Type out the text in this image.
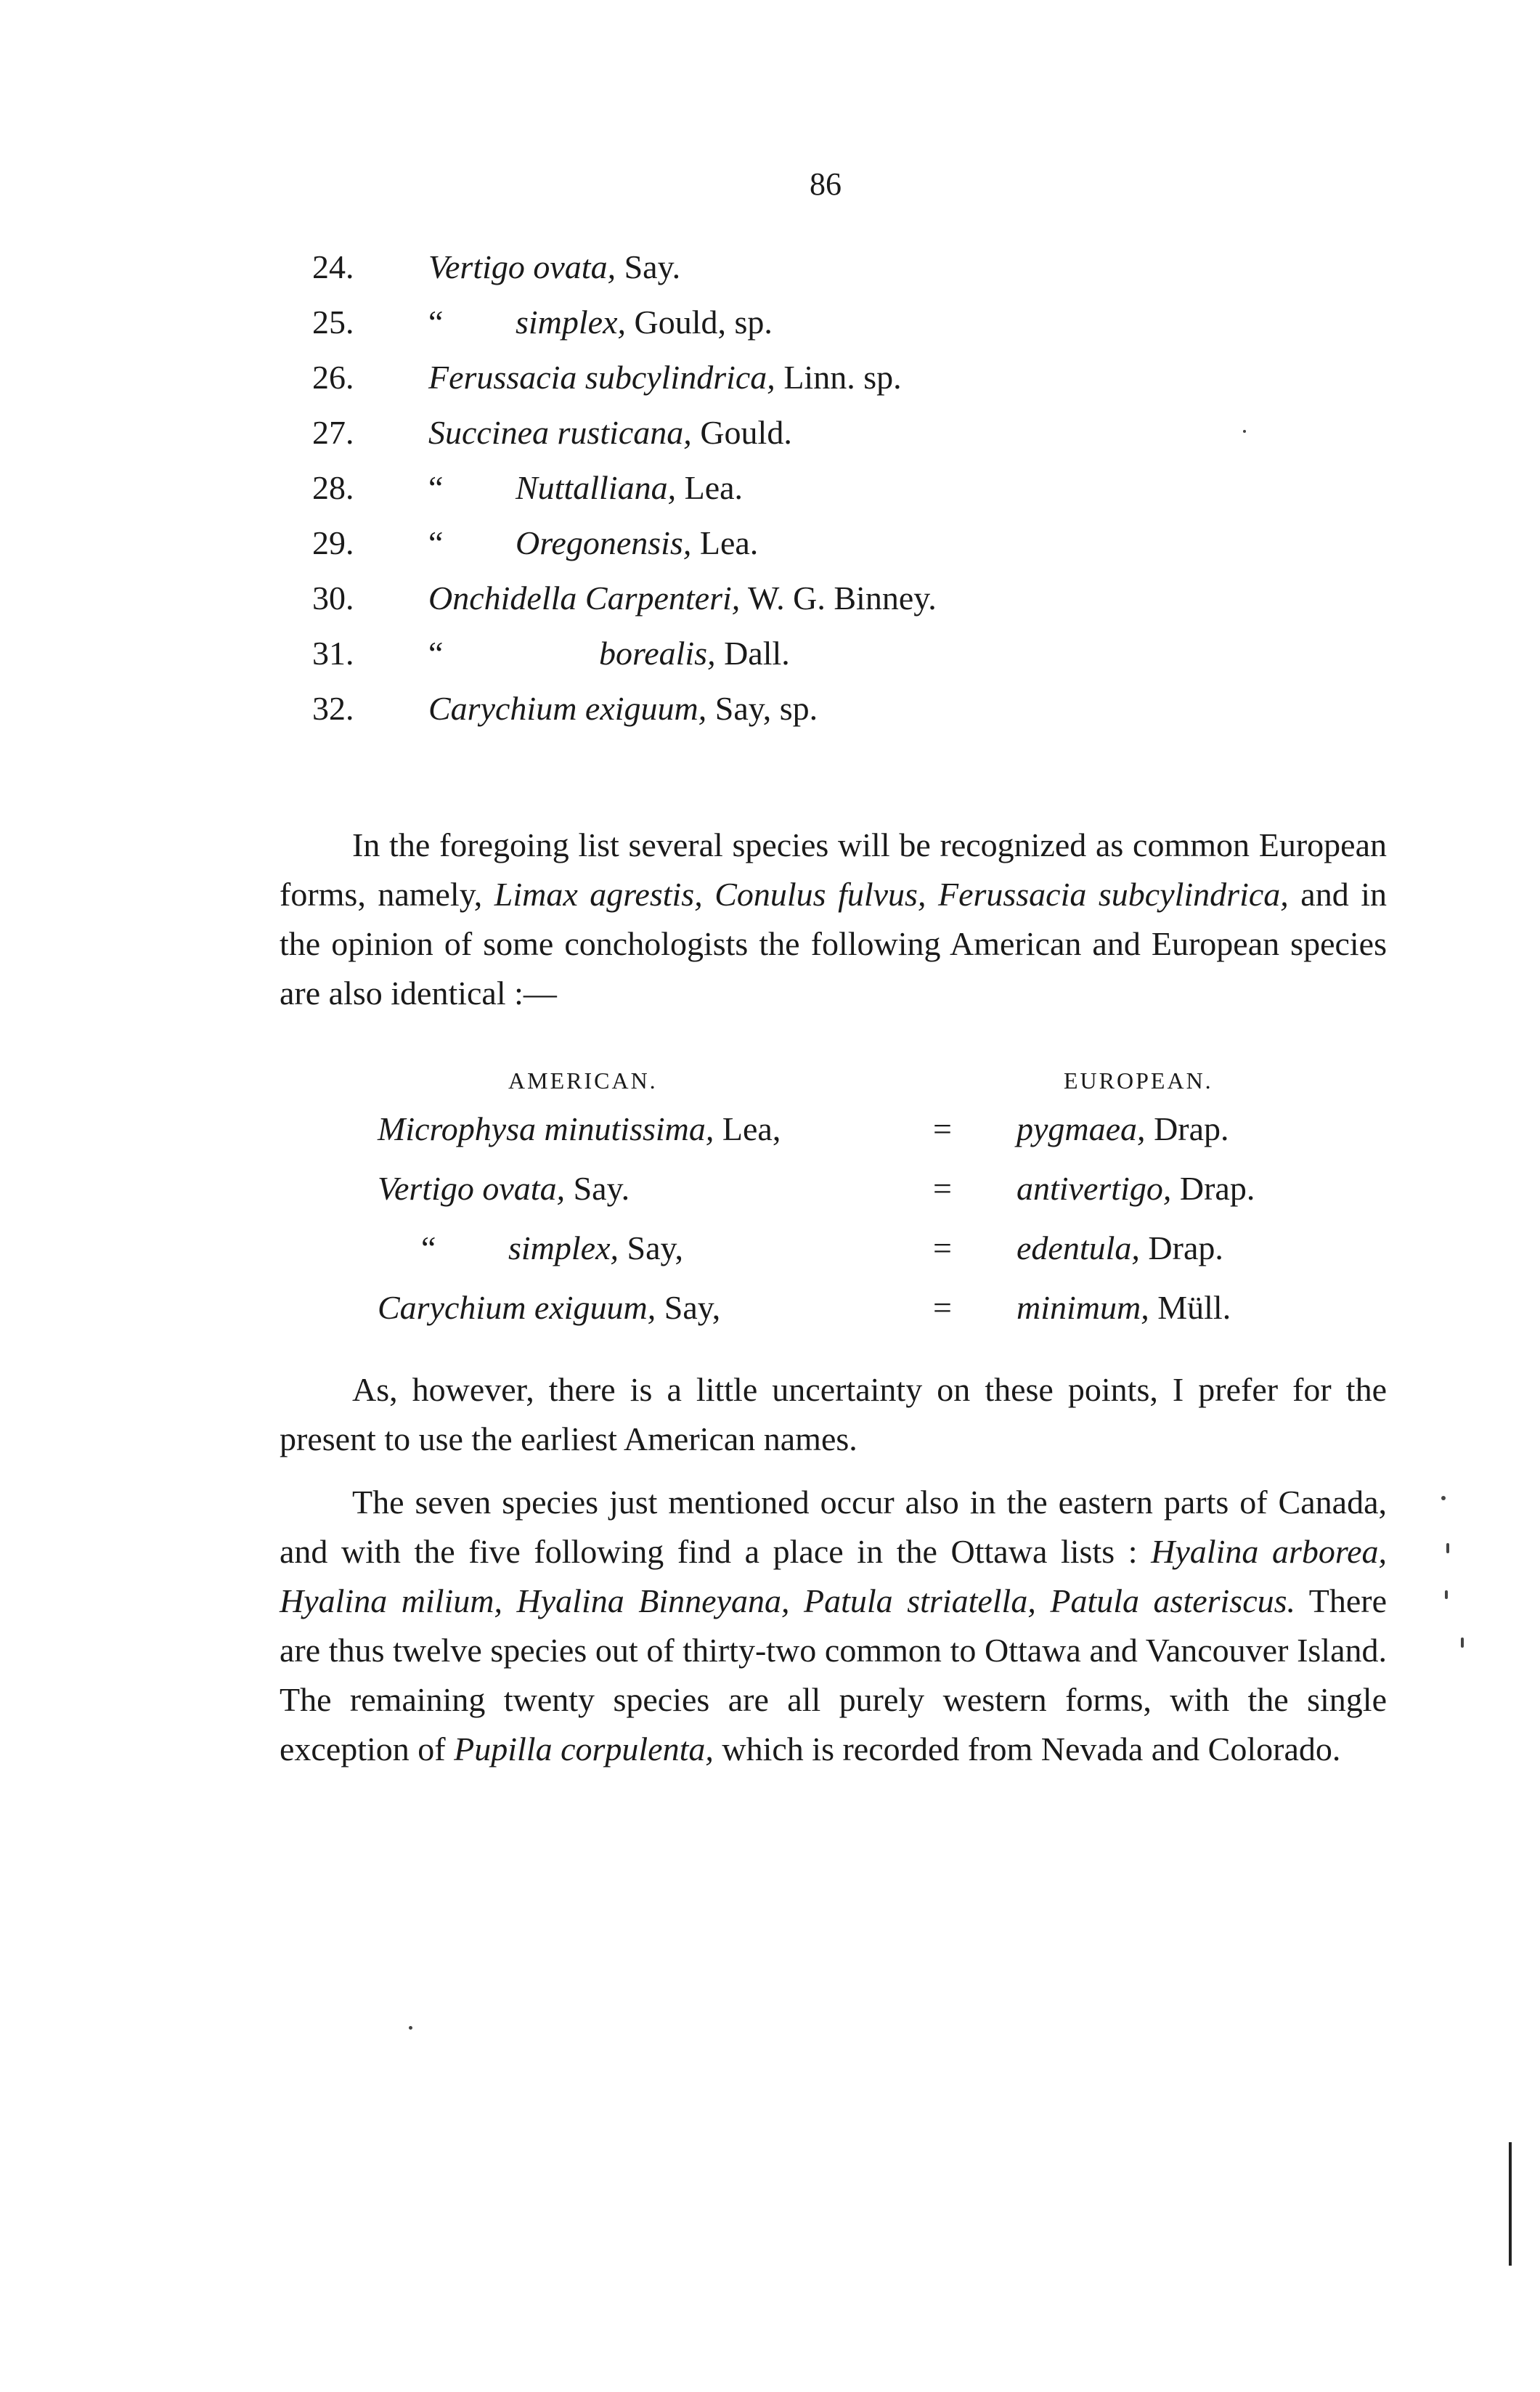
86
24.	Vertigo ovata, Say.
25.	“ simplex, Gould, sp.
26.	Ferussacia subcylindrica, Linn. sp.
27.	Succinea rusticana, Gould.
28.	“ Nuttalliana, Lea.
29.	“ Oregonensis, Lea.
30.	Onchidella Carpenteri, W. G. Binney.
31.	“	borealis, Dall.
32.	Carychium exiguum, Say, sp.

In the foregoing list several species will be recognized as common European forms, namely, Limax agrestis, Conulus fulvus, Ferussacia subcylindrica, and in the opinion of some conchologists the following American and European species are also identical :—

AMERICAN.	EUROPEAN.
Microphysa minutissima, Lea,	= pygmaea, Drap.
Vertigo ovata, Say.	= antivertigo, Drap.
“ simplex, Say,	= edentula, Drap.
Carychium exiguum, Say,	= minimum, Müll.

As, however, there is a little uncertainty on these points, I prefer for the present to use the earliest American names.

The seven species just mentioned occur also in the eastern parts of Canada, and with the five following find a place in the Ottawa lists : Hyalina arborea, Hyalina milium, Hyalina Binneyana, Patula striatella, Patula asteriscus. There are thus twelve species out of thirty-two common to Ottawa and Vancouver Island. The remaining twenty species are all purely western forms, with the single exception of Pupilla corpulenta, which is recorded from Nevada and Colorado.
